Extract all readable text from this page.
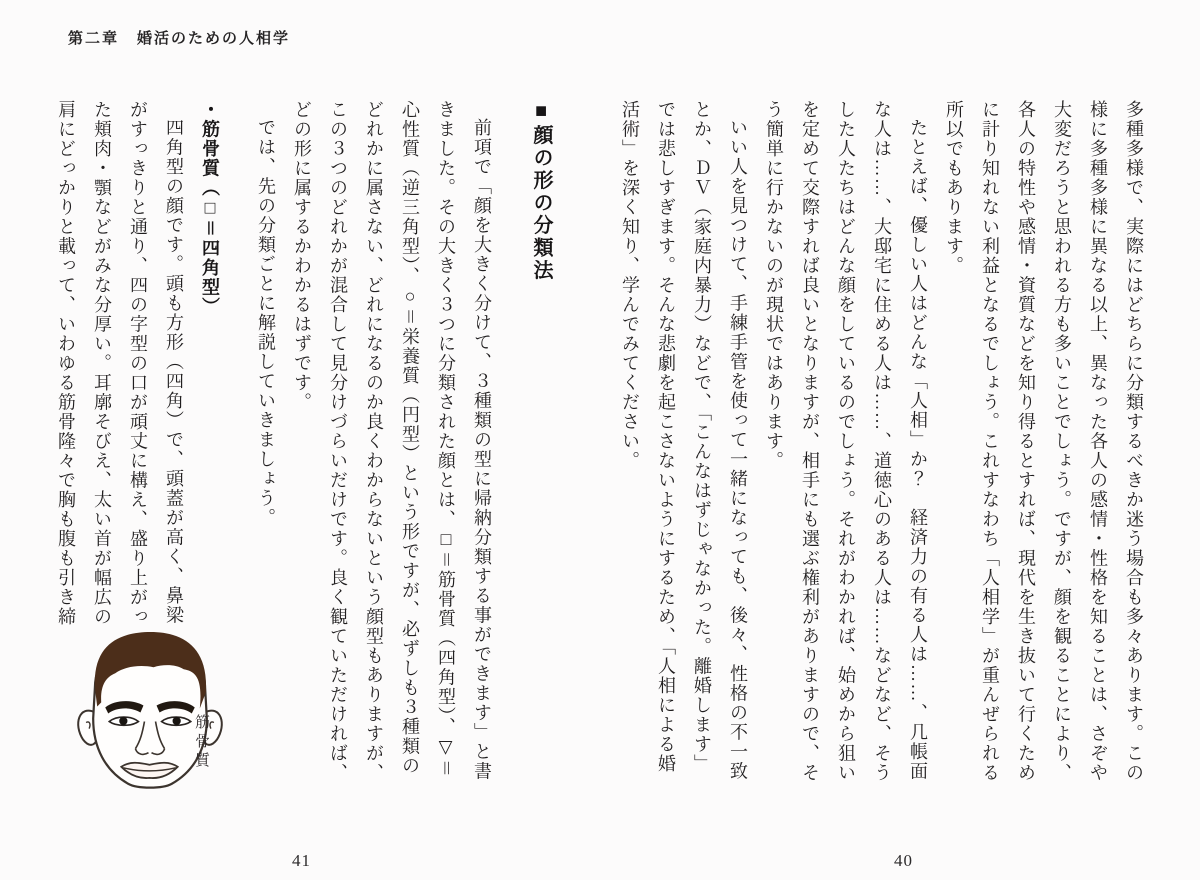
第二章 婚活のための人相学

多種多様で、実際にはどちらに分類するべきか迷う場合も多々あります。この様に多種多様に異なる以上、異なった各人の感情・性格を知ることは、さぞや大変だろうと思われる方も多いことでしょう。ですが、顔を観ることにより、各人の特性や感情・資質などを知り得るとすれば、現代を生き抜いて行くために計り知れない利益となるでしょう。これすなわち「人相学」が重んぜられる所以でもあります。

たとえば、優しい人はどんな「人相」か？　経済力の有る人は……、几帳面な人は……、大邸宅に住める人は……、道徳心のある人は……などなど、そうした人たちはどんな顔をしているのでしょう。それがわかれば、始めから狙いを定めて交際すれば良いとなりますが、相手にも選ぶ権利がありますので、そう簡単に行かないのが現状ではあります。

いい人を見つけて、手練手管を使って一緒になっても、後々、性格の不一致とか、ＤＶ（家庭内暴力）などで、「こんなはずじゃなかった。離婚します」では悲しすぎます。そんな悲劇を起こさないようにするため、「人相による婚活術」を深く知り、学んでみてください。

■顔の形の分類法

前項で「顔を大きく分けて、３種類の型に帰納分類する事ができます」と書きました。その大きく３つに分類された顔とは、□＝筋骨質（四角型）、▽＝心性質（逆三角型）、○＝栄養質（円型）という形ですが、必ずしも３種類のどれかに属さない、どれになるのか良くわからないという顔型もありますが、この３つのどれかが混合して見分けづらいだけです。良く観ていただければ、どの形に属するかわかるはずです。

では、先の分類ごとに解説していきましょう。

・筋骨質（□＝四角型）

四角型の顔です。頭も方形（四角）で、頭蓋が高く、鼻梁がすっきりと通り、四の字型の口が頑丈に構え、盛り上がった頬肉・顎などがみな分厚い。耳廓そびえ、太い首が幅広の肩にどっかりと載って、いわゆる筋骨隆々で胸も腹も引き締

筋骨質
41	40
